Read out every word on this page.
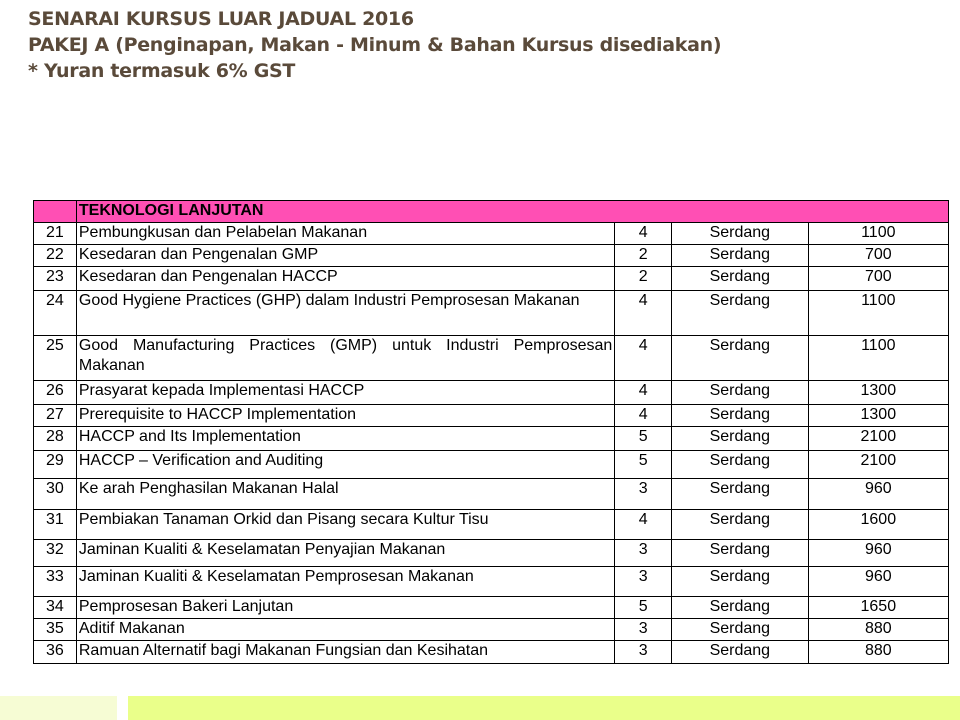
SENARAI KURSUS LUAR JADUAL 2016
PAKEJ A (Penginapan, Makan - Minum & Bahan Kursus disediakan)
* Yuran termasuk 6% GST
	TEKNOLOGI LANJUTAN			
21	Pembungkusan dan Pelabelan Makanan	4	Serdang	1100
22	Kesedaran dan Pengenalan GMP	2	Serdang	700
23	Kesedaran dan Pengenalan HACCP	2	Serdang	700
24	Good Hygiene Practices (GHP) dalam Industri Pemprosesan Makanan	4	Serdang	1100
25	Good Manufacturing Practices (GMP) untuk Industri Pemprosesan Makanan	4	Serdang	1100
26	Prasyarat kepada Implementasi HACCP	4	Serdang	1300
27	Prerequisite to HACCP Implementation	4	Serdang	1300
28	HACCP and Its Implementation	5	Serdang	2100
29	HACCP – Verification and Auditing	5	Serdang	2100
30	Ke arah Penghasilan Makanan Halal	3	Serdang	960
31	Pembiakan Tanaman Orkid dan Pisang secara Kultur Tisu	4	Serdang	1600
32	Jaminan Kualiti & Keselamatan Penyajian Makanan	3	Serdang	960
33	Jaminan Kualiti & Keselamatan Pemprosesan Makanan	3	Serdang	960
34	Pemprosesan Bakeri Lanjutan	5	Serdang	1650
35	Aditif Makanan	3	Serdang	880
36	Ramuan Alternatif bagi Makanan Fungsian dan Kesihatan	3	Serdang	880
